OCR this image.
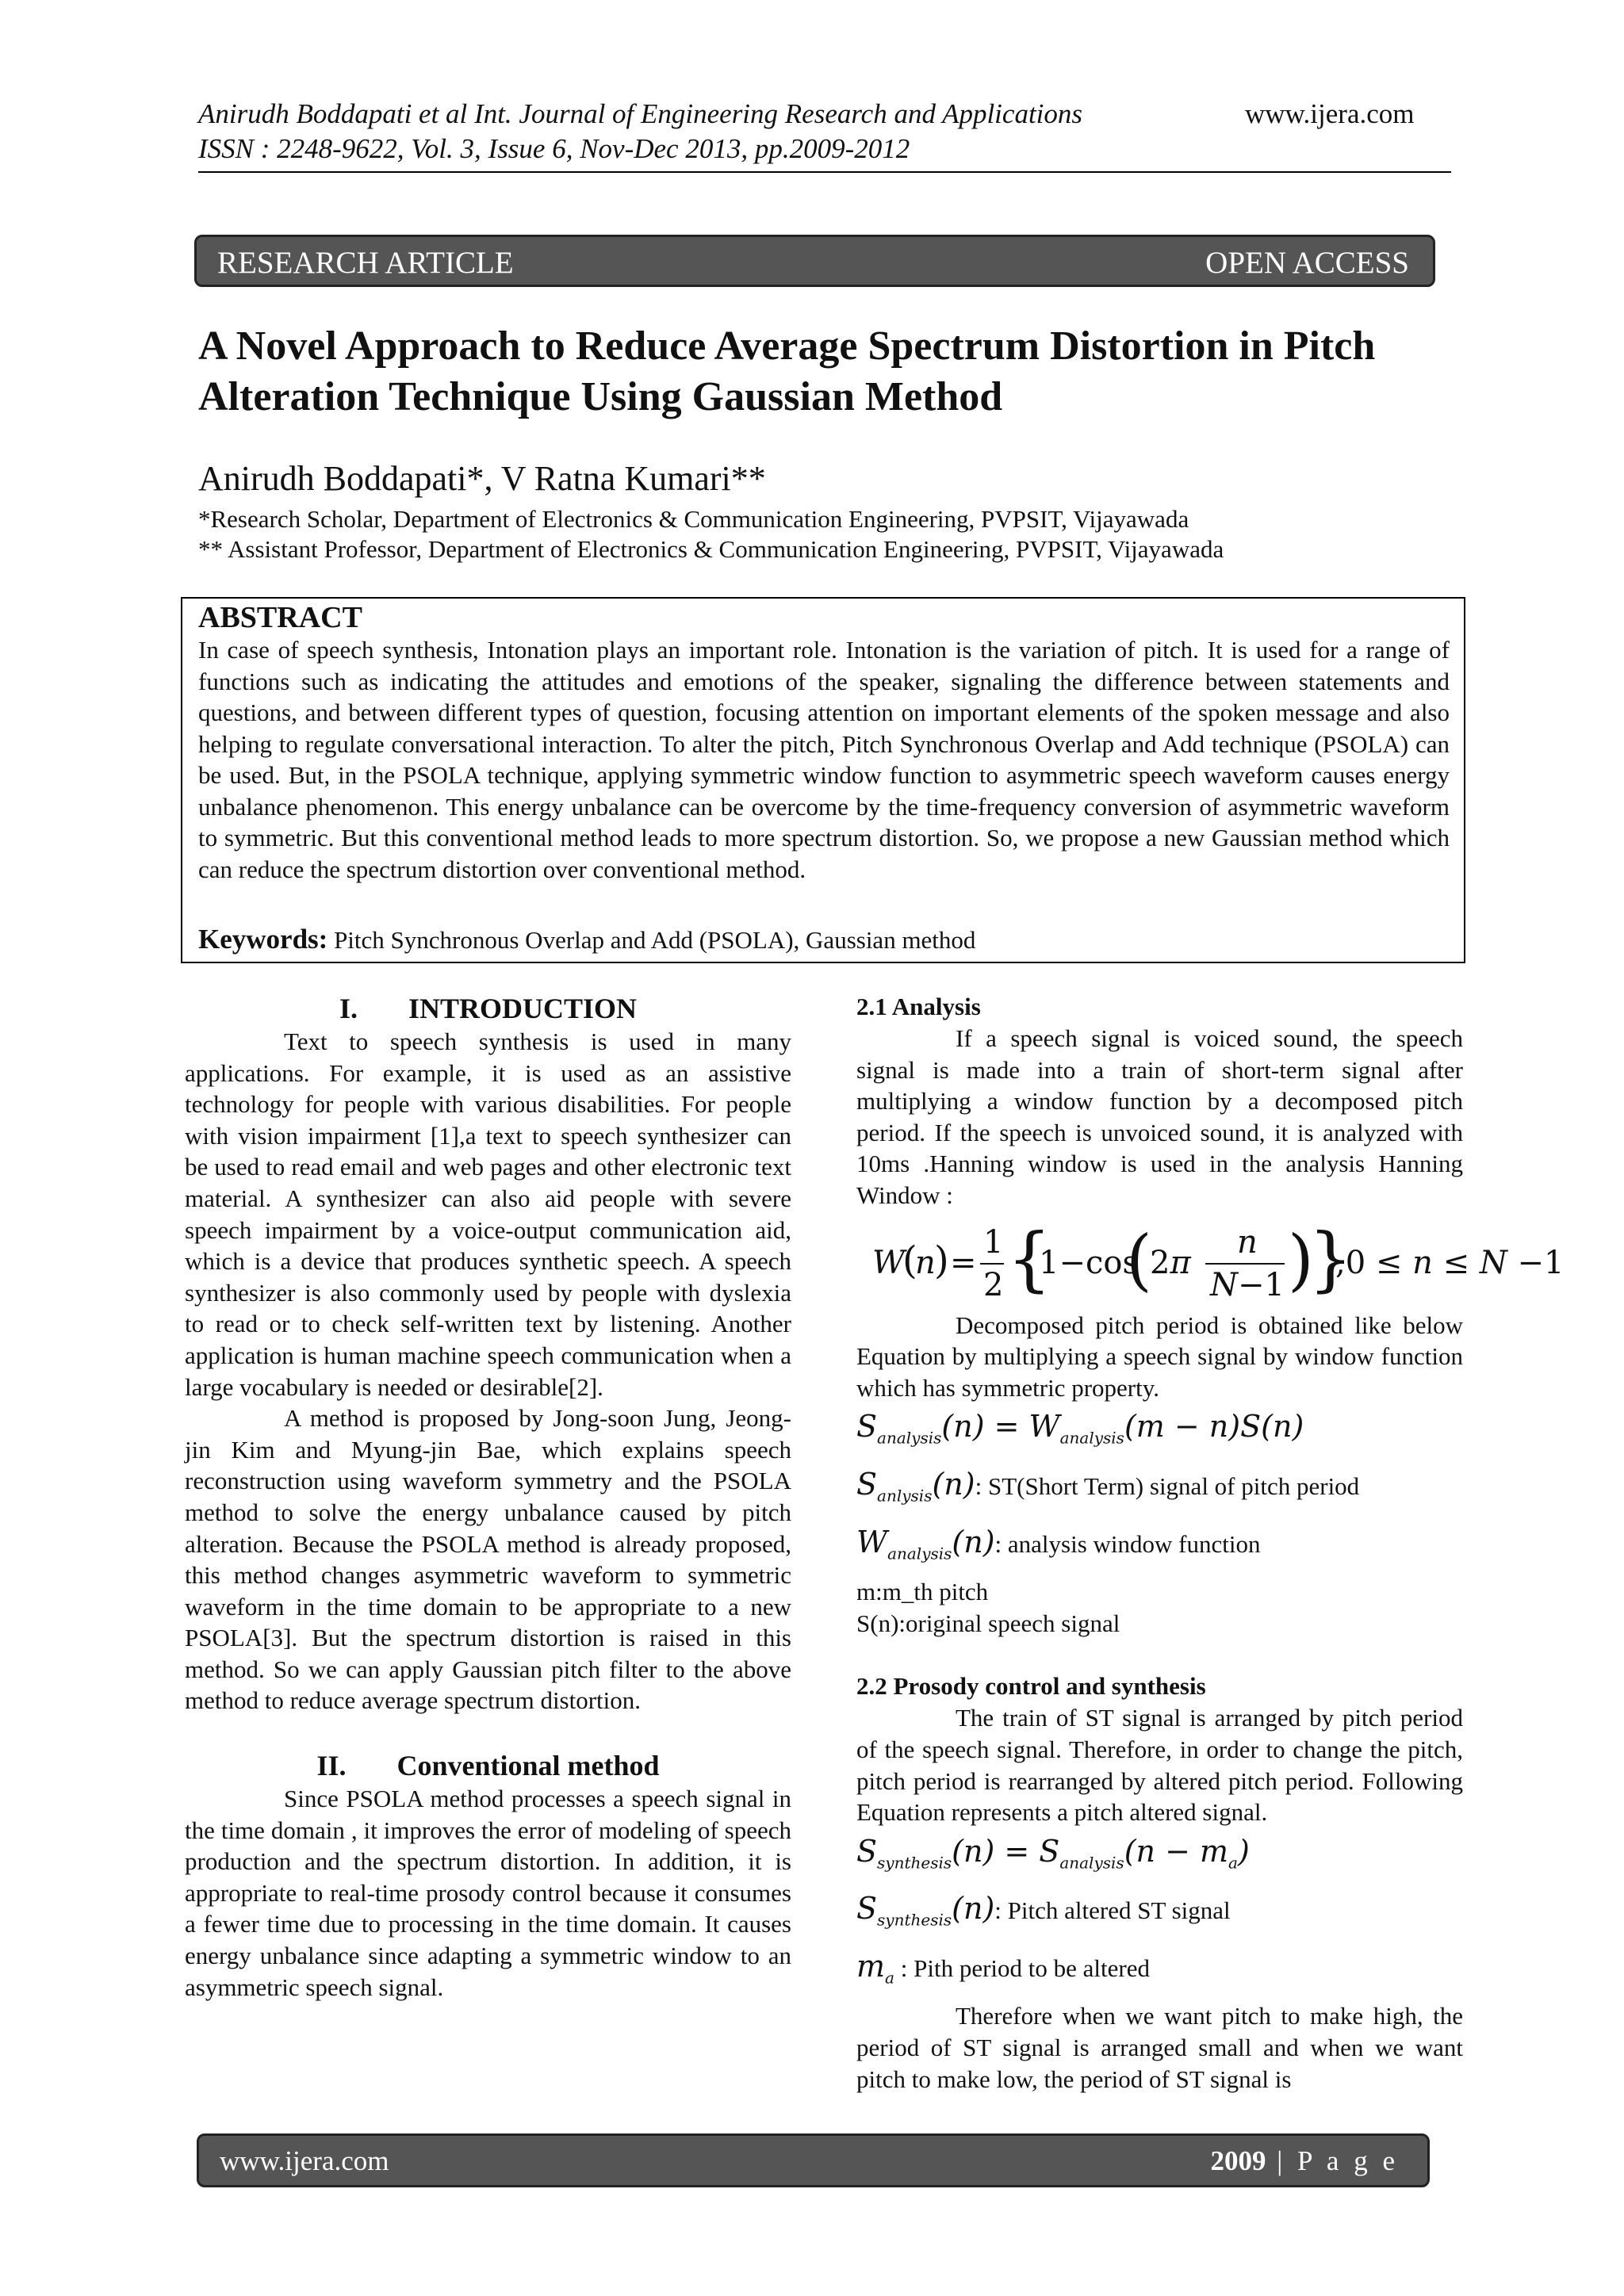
Anirudh Boddapati et al Int. Journal of Engineering Research and Applications	www.ijera.com
ISSN : 2248-9622, Vol. 3, Issue 6, Nov-Dec 2013, pp.2009-2012
RESEARCH ARTICLE	OPEN ACCESS
A Novel Approach to Reduce Average Spectrum Distortion in Pitch Alteration Technique Using Gaussian Method
Anirudh Boddapati*, V Ratna Kumari**
*Research Scholar, Department of Electronics & Communication Engineering, PVPSIT, Vijayawada
** Assistant Professor, Department of Electronics & Communication Engineering, PVPSIT, Vijayawada
ABSTRACT
In case of speech synthesis, Intonation plays an important role. Intonation is the variation of pitch. It is used for a range of functions such as indicating the attitudes and emotions of the speaker, signaling the difference between statements and questions, and between different types of question, focusing attention on important elements of the spoken message and also helping to regulate conversational interaction. To alter the pitch, Pitch Synchronous Overlap and Add technique (PSOLA) can be used. But, in the PSOLA technique, applying symmetric window function to asymmetric speech waveform causes energy unbalance phenomenon. This energy unbalance can be overcome by the time-frequency conversion of asymmetric waveform to symmetric. But this conventional method leads to more spectrum distortion. So, we propose a new Gaussian method which can reduce the spectrum distortion over conventional method.
Keywords: Pitch Synchronous Overlap and Add (PSOLA), Gaussian method

I. INTRODUCTION

Text to speech synthesis is used in many applications. For example, it is used as an assistive technology for people with various disabilities. For people with vision impairment [1],a text to speech synthesizer can be used to read email and web pages and other electronic text material. A synthesizer can also aid people with severe speech impairment by a voice-output communication aid, which is a device that produces synthetic speech. A speech synthesizer is also commonly used by people with dyslexia to read or to check self-written text by listening. Another application is human machine speech communication when a large vocabulary is needed or desirable[2].

A method is proposed by Jong-soon Jung, Jeong-jin Kim and Myung-jin Bae, which explains speech reconstruction using waveform symmetry and the PSOLA method to solve the energy unbalance caused by pitch alteration. Because the PSOLA method is already proposed, this method changes asymmetric waveform to symmetric waveform in the time domain to be appropriate to a new PSOLA[3]. But the spectrum distortion is raised in this method. So we can apply Gaussian pitch filter to the above method to reduce average spectrum distortion.

II. Conventional method

Since PSOLA method processes a speech signal in the time domain , it improves the error of modeling of speech production and the spectrum distortion. In addition, it is appropriate to real-time prosody control because it consumes a fewer time due to processing in the time domain. It causes energy unbalance since adapting a symmetric window to an asymmetric speech signal.

2.1 Analysis

If a speech signal is voiced sound, the speech signal is made into a train of short-term signal after multiplying a window function by a decomposed pitch period. If the speech is unvoiced sound, it is analyzed with 10ms .Hanning window is used in the analysis Hanning Window :

W
(
n
) =
1
2 {
1−cos
(
2π
n
N−1 )
}
,0 ≤ n ≤ N −1

Decomposed pitch period is obtained like below Equation by multiplying a speech signal by window function which has symmetric property.

$S_{analysis}(n) = W_{analysis}(m - n)S(n)$
$S_{anlysis}(n)$: ST(Short Term) signal of pitch period
$W_{analysis}(n)$: analysis window function

m:m_th pitch

S(n):original speech signal

2.2 Prosody control and synthesis

The train of ST signal is arranged by pitch period of the speech signal. Therefore, in order to change the pitch, pitch period is rearranged by altered pitch period. Following Equation represents a pitch altered signal.

$S_{synthesis}(n) = S_{analysis}(n - m_a)$
$S_{synthesis}(n)$: Pitch altered ST signal
$m_a$ : Pith period to be altered

Therefore when we want pitch to make high, the period of ST signal is arranged small and when we want pitch to make low, the period of ST signal is

www.ijera.com	2009 | P a g e
